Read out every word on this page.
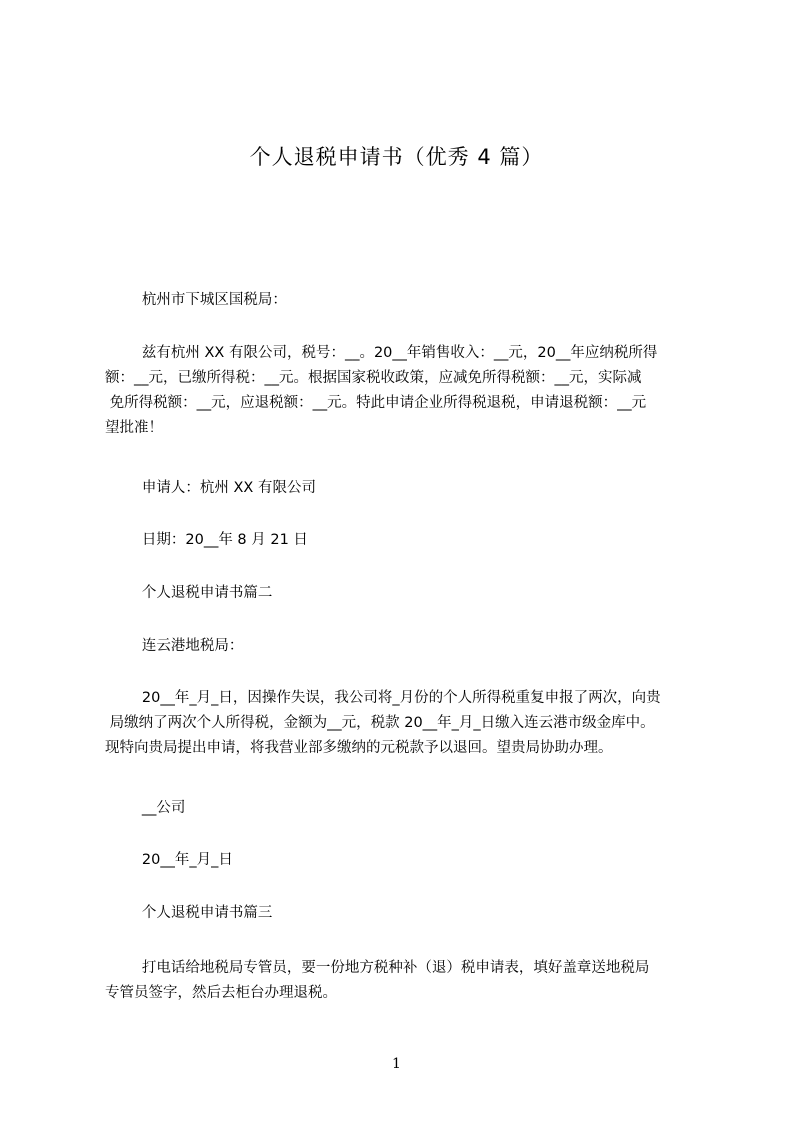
个人退税申请书（优秀 4 篇）
杭州市下城区国税局：
兹有杭州 XX 有限公司，税号：__。20__年销售收入：__元，20__年应纳税所得
额：__元，已缴所得税：__元。根据国家税收政策，应减免所得税额：__元，实际减
免所得税额：__元，应退税额：__元。特此申请企业所得税退税，申请退税额：__元
望批准！
申请人：杭州 XX 有限公司
日期：20__年 8 月 21 日
个人退税申请书篇二
连云港地税局：
20__年_月_日，因操作失误，我公司将_月份的个人所得税重复申报了两次，向贵
局缴纳了两次个人所得税，金额为__元，税款 20__年_月_日缴入连云港市级金库中。
现特向贵局提出申请，将我营业部多缴纳的元税款予以退回。望贵局协助办理。
__公司
20__年_月_日
个人退税申请书篇三
打电话给地税局专管员，要一份地方税种补（退）税申请表，填好盖章送地税局
专管员签字，然后去柜台办理退税。
1
